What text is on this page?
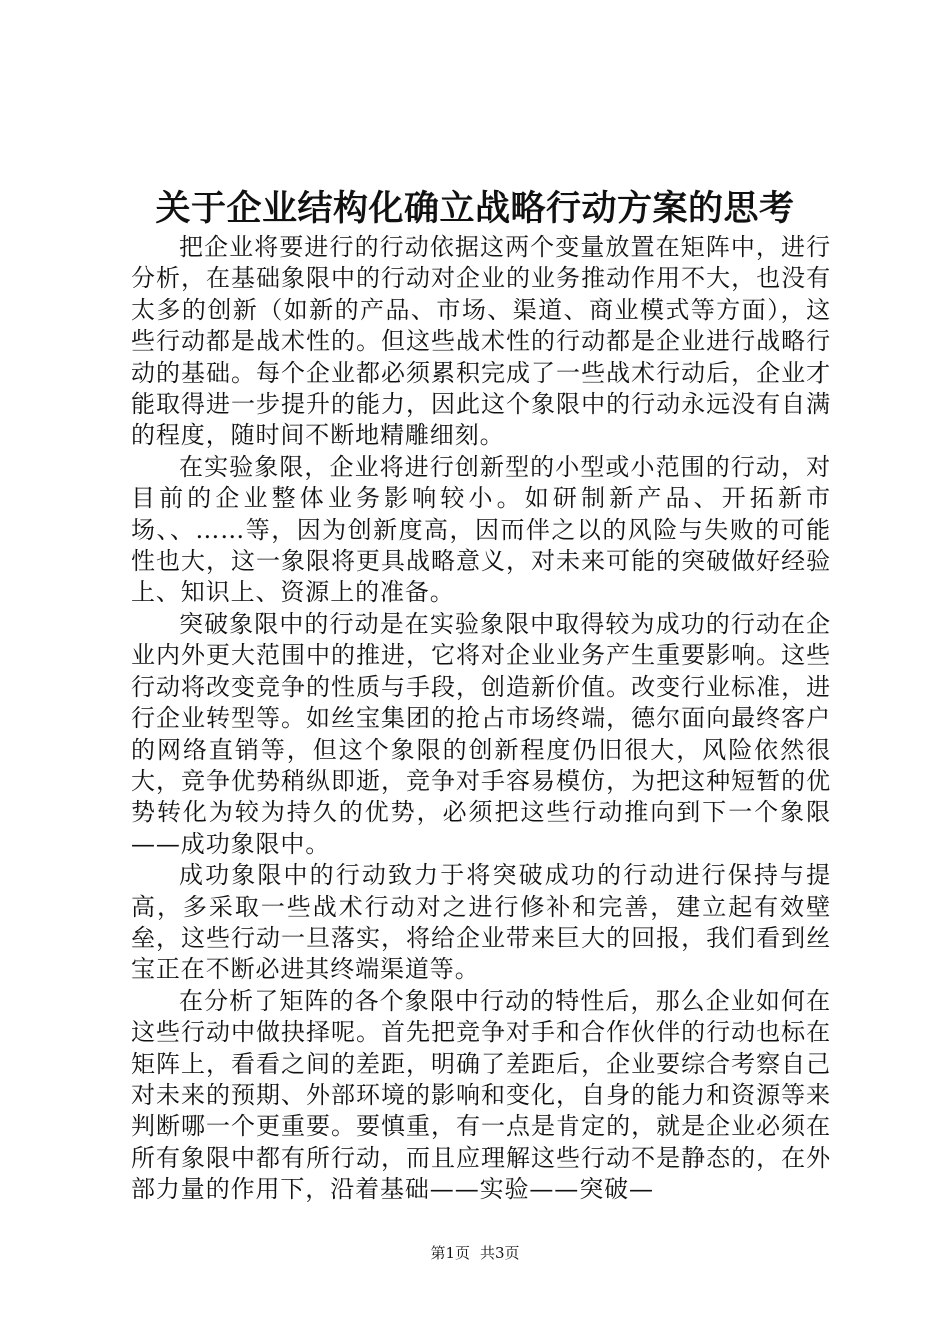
关于企业结构化确立战略行动方案的思考

把企业将要进行的行动依据这两个变量放置在矩阵中，进行分析，在基础象限中的行动对企业的业务推动作用不大，也没有太多的创新（如新的产品、市场、渠道、商业模式等方面），这些行动都是战术性的。但这些战术性的行动都是企业进行战略行动的基础。每个企业都必须累积完成了一些战术行动后，企业才能取得进一步提升的能力，因此这个象限中的行动永远没有自满的程度，随时间不断地精雕细刻。

在实验象限，企业将进行创新型的小型或小范围的行动，对目前的企业整体业务影响较小。如研制新产品、开拓新市场、、……等，因为创新度高，因而伴之以的风险与失败的可能性也大，这一象限将更具战略意义，对未来可能的突破做好经验上、知识上、资源上的准备。

突破象限中的行动是在实验象限中取得较为成功的行动在企业内外更大范围中的推进，它将对企业业务产生重要影响。这些行动将改变竞争的性质与手段，创造新价值。改变行业标准，进行企业转型等。如丝宝集团的抢占市场终端，德尔面向最终客户的网络直销等，但这个象限的创新程度仍旧很大，风险依然很大，竞争优势稍纵即逝，竞争对手容易模仿，为把这种短暂的优势转化为较为持久的优势，必须把这些行动推向到下一个象限——成功象限中。

成功象限中的行动致力于将突破成功的行动进行保持与提高，多采取一些战术行动对之进行修补和完善，建立起有效壁垒，这些行动一旦落实，将给企业带来巨大的回报，我们看到丝宝正在不断必进其终端渠道等。

在分析了矩阵的各个象限中行动的特性后，那么企业如何在这些行动中做抉择呢。首先把竞争对手和合作伙伴的行动也标在矩阵上，看看之间的差距，明确了差距后，企业要综合考察自己对未来的预期、外部环境的影响和变化，自身的能力和资源等来判断哪一个更重要。要慎重，有一点是肯定的，就是企业必须在所有象限中都有所行动，而且应理解这些行动不是静态的，在外部力量的作用下，沿着基础——实验——突破—

第1页 共3页
